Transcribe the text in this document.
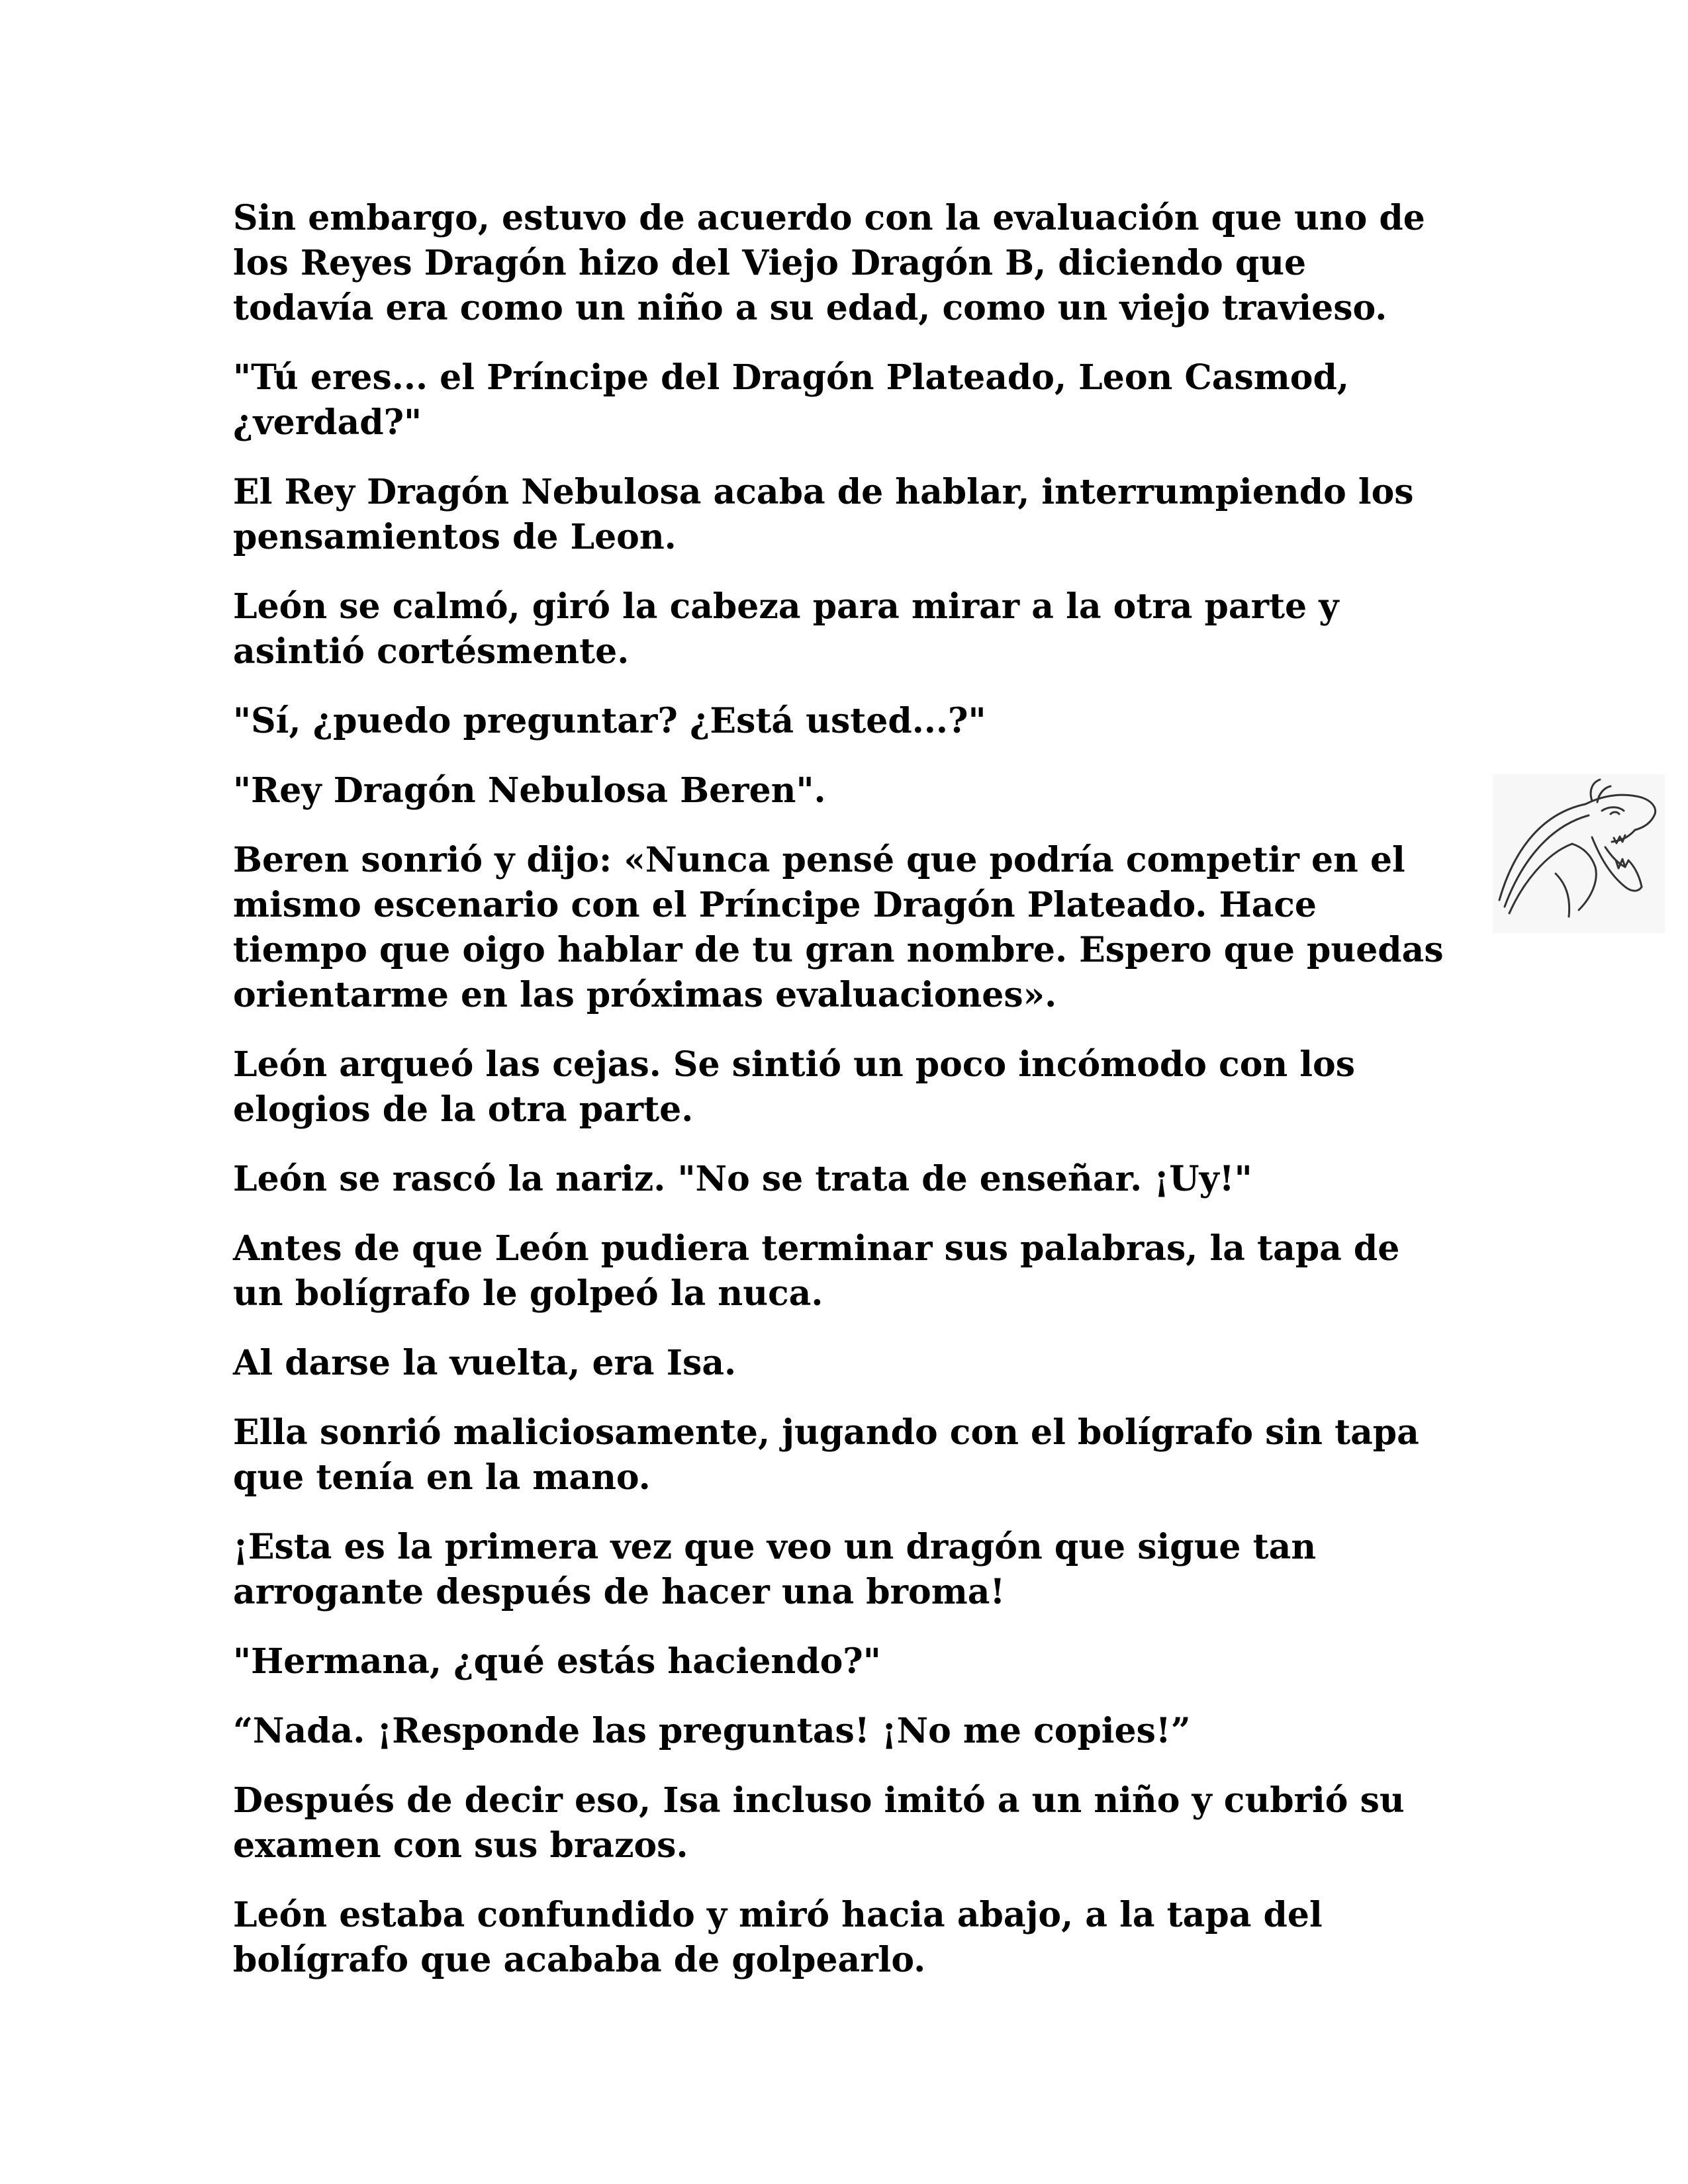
Sin embargo, estuvo de acuerdo con la evaluación que uno de los Reyes Dragón hizo del Viejo Dragón B, diciendo que todavía era como un niño a su edad, como un viejo travieso.

"Tú eres... el Príncipe del Dragón Plateado, Leon Casmod, ¿verdad?"

El Rey Dragón Nebulosa acaba de hablar, interrumpiendo los pensamientos de Leon.

León se calmó, giró la cabeza para mirar a la otra parte y asintió cortésmente.

"Sí, ¿puedo preguntar? ¿Está usted...?"

"Rey Dragón Nebulosa Beren".

Beren sonrió y dijo: «Nunca pensé que podría competir en el mismo escenario con el Príncipe Dragón Plateado. Hace tiempo que oigo hablar de tu gran nombre. Espero que puedas orientarme en las próximas evaluaciones».

León arqueó las cejas. Se sintió un poco incómodo con los elogios de la otra parte.

León se rascó la nariz. "No se trata de enseñar. ¡Uy!"

Antes de que León pudiera terminar sus palabras, la tapa de un bolígrafo le golpeó la nuca.

Al darse la vuelta, era Isa.

Ella sonrió maliciosamente, jugando con el bolígrafo sin tapa que tenía en la mano.

¡Esta es la primera vez que veo un dragón que sigue tan arrogante después de hacer una broma!

"Hermana, ¿qué estás haciendo?"

“Nada. ¡Responde las preguntas! ¡No me copies!”

Después de decir eso, Isa incluso imitó a un niño y cubrió su examen con sus brazos.

León estaba confundido y miró hacia abajo, a la tapa del bolígrafo que acababa de golpearlo.
